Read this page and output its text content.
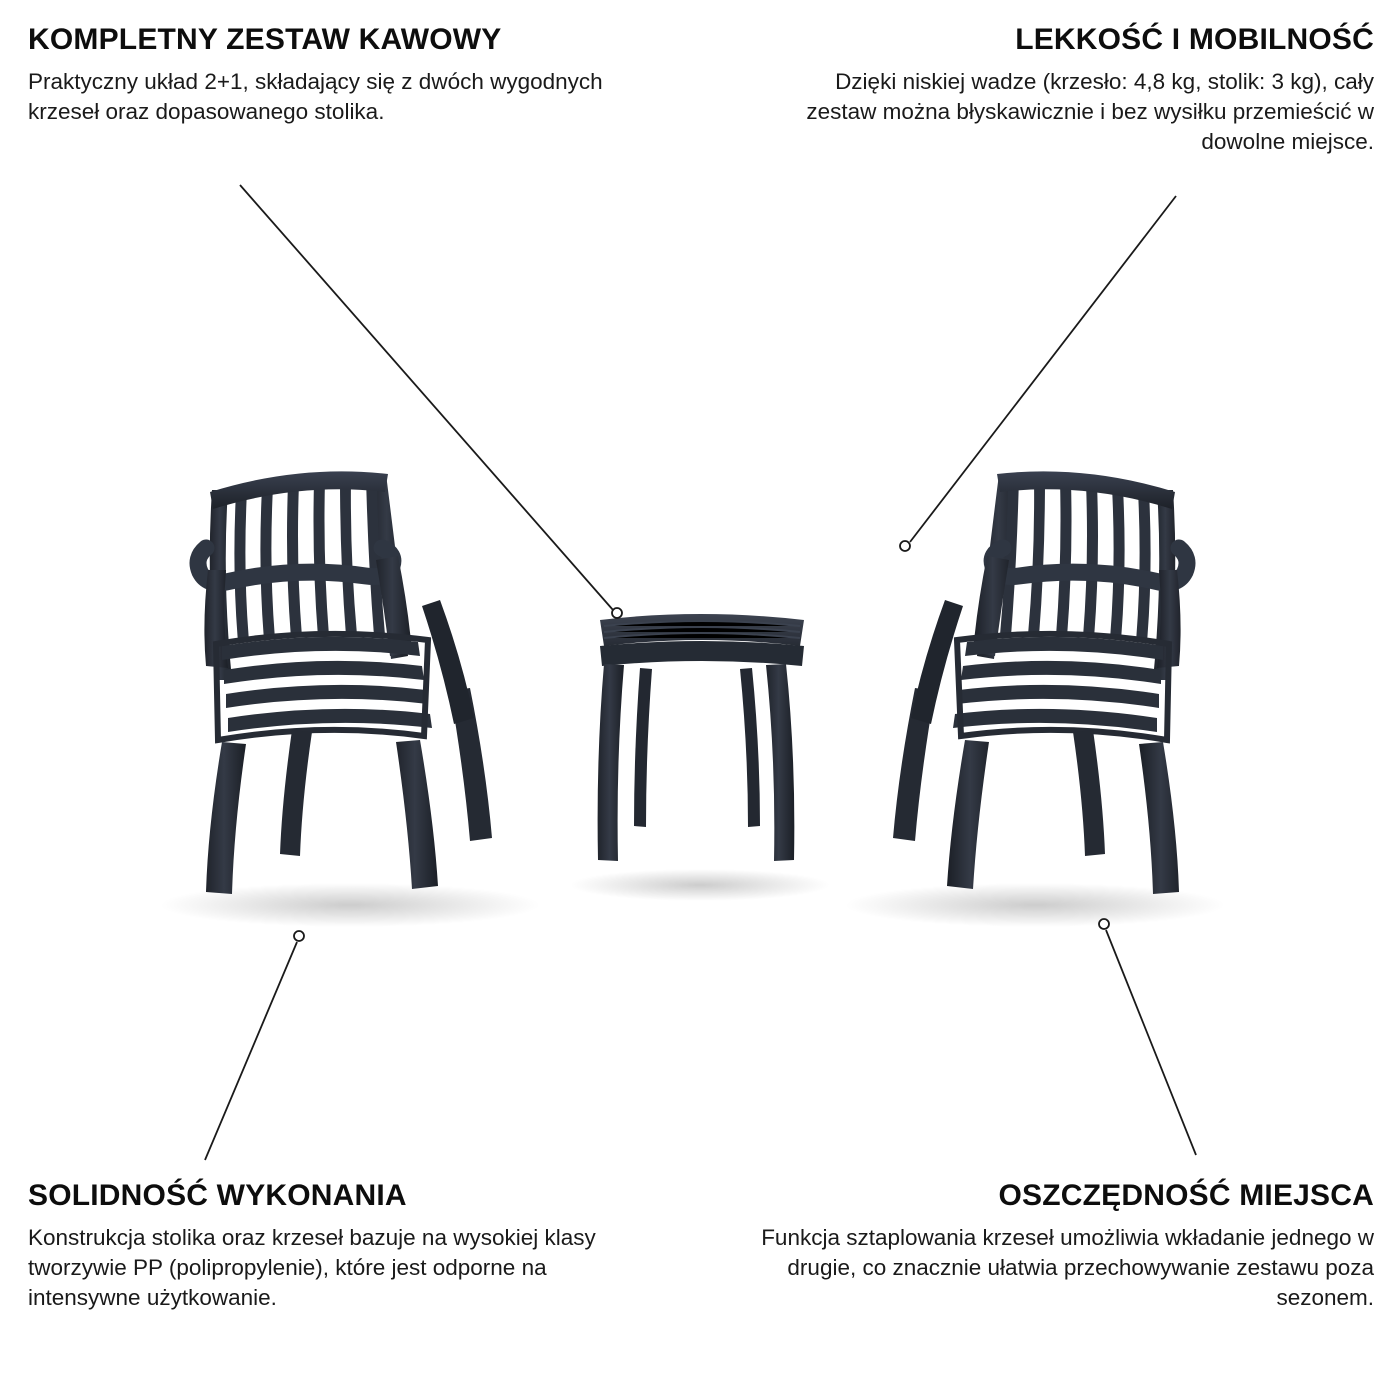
KOMPLETNY ZESTAW KAWOWY

Praktyczny układ 2+1, składający się z dwóch wygodnych krzeseł oraz dopasowanego stolika.

LEKKOŚĆ I MOBILNOŚĆ

Dzięki niskiej wadze (krzesło: 4,8 kg, stolik: 3 kg), cały zestaw można błyskawicznie i bez wysiłku przemieścić w dowolne miejsce.

SOLIDNOŚĆ WYKONANIA

Konstrukcja stolika oraz krzeseł bazuje na wysokiej klasy tworzywie PP (polipropylenie), które jest odporne na intensywne użytkowanie.

OSZCZĘDNOŚĆ MIEJSCA

Funkcja sztaplowania krzeseł umożliwia wkładanie jednego w drugie, co znacznie ułatwia przechowywanie zestawu poza sezonem.
